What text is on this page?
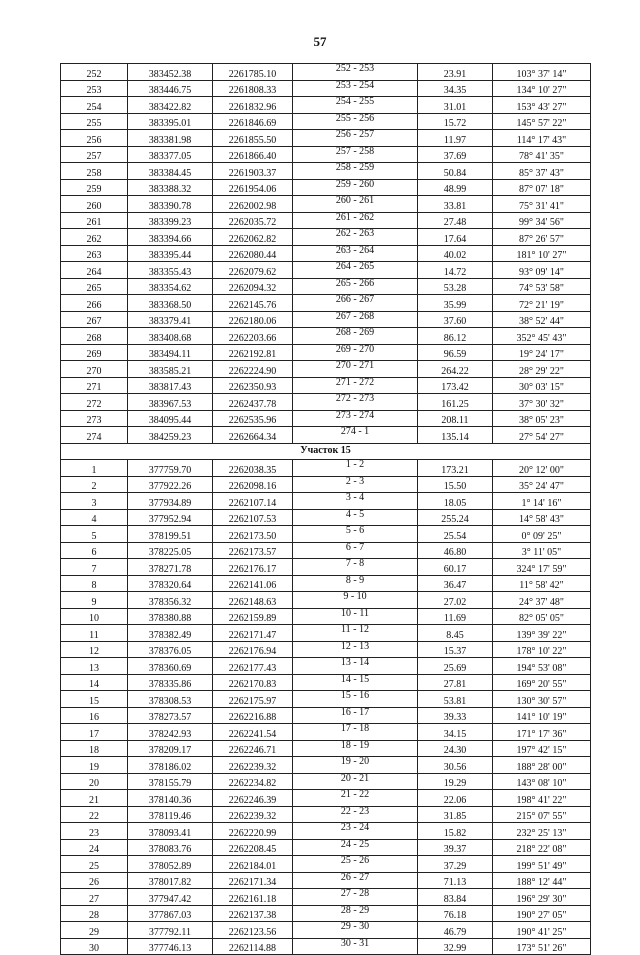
57
252	383452.38	2261785.10	252 - 253	23.91	103° 37' 14"
253	383446.75	2261808.33	253 - 254	34.35	134° 10' 27"
254	383422.82	2261832.96	254 - 255	31.01	153° 43' 27"
255	383395.01	2261846.69	255 - 256	15.72	145° 57' 22"
256	383381.98	2261855.50	256 - 257	11.97	114° 17' 43"
257	383377.05	2261866.40	257 - 258	37.69	78° 41' 35"
258	383384.45	2261903.37	258 - 259	50.84	85° 37' 43"
259	383388.32	2261954.06	259 - 260	48.99	87° 07' 18"
260	383390.78	2262002.98	260 - 261	33.81	75° 31' 41"
261	383399.23	2262035.72	261 - 262	27.48	99° 34' 56"
262	383394.66	2262062.82	262 - 263	17.64	87° 26' 57"
263	383395.44	2262080.44	263 - 264	40.02	181° 10' 27"
264	383355.43	2262079.62	264 - 265	14.72	93° 09' 14"
265	383354.62	2262094.32	265 - 266	53.28	74° 53' 58"
266	383368.50	2262145.76	266 - 267	35.99	72° 21' 19"
267	383379.41	2262180.06	267 - 268	37.60	38° 52' 44"
268	383408.68	2262203.66	268 - 269	86.12	352° 45' 43"
269	383494.11	2262192.81	269 - 270	96.59	19° 24' 17"
270	383585.21	2262224.90	270 - 271	264.22	28° 29' 22"
271	383817.43	2262350.93	271 - 272	173.42	30° 03' 15"
272	383967.53	2262437.78	272 - 273	161.25	37° 30' 32"
273	384095.44	2262535.96	273 - 274	208.11	38° 05' 23"
274	384259.23	2262664.34	274 - 1	135.14	27° 54' 27"
Участок 15					
1	377759.70	2262038.35	1 - 2	173.21	20° 12' 00"
2	377922.26	2262098.16	2 - 3	15.50	35° 24' 47"
3	377934.89	2262107.14	3 - 4	18.05	1° 14' 16"
4	377952.94	2262107.53	4 - 5	255.24	14° 58' 43"
5	378199.51	2262173.50	5 - 6	25.54	0° 09' 25"
6	378225.05	2262173.57	6 - 7	46.80	3° 11' 05"
7	378271.78	2262176.17	7 - 8	60.17	324° 17' 59"
8	378320.64	2262141.06	8 - 9	36.47	11° 58' 42"
9	378356.32	2262148.63	9 - 10	27.02	24° 37' 48"
10	378380.88	2262159.89	10 - 11	11.69	82° 05' 05"
11	378382.49	2262171.47	11 - 12	8.45	139° 39' 22"
12	378376.05	2262176.94	12 - 13	15.37	178° 10' 22"
13	378360.69	2262177.43	13 - 14	25.69	194° 53' 08"
14	378335.86	2262170.83	14 - 15	27.81	169° 20' 55"
15	378308.53	2262175.97	15 - 16	53.81	130° 30' 57"
16	378273.57	2262216.88	16 - 17	39.33	141° 10' 19"
17	378242.93	2262241.54	17 - 18	34.15	171° 17' 36"
18	378209.17	2262246.71	18 - 19	24.30	197° 42' 15"
19	378186.02	2262239.32	19 - 20	30.56	188° 28' 00"
20	378155.79	2262234.82	20 - 21	19.29	143° 08' 10"
21	378140.36	2262246.39	21 - 22	22.06	198° 41' 22"
22	378119.46	2262239.32	22 - 23	31.85	215° 07' 55"
23	378093.41	2262220.99	23 - 24	15.82	232° 25' 13"
24	378083.76	2262208.45	24 - 25	39.37	218° 22' 08"
25	378052.89	2262184.01	25 - 26	37.29	199° 51' 49"
26	378017.82	2262171.34	26 - 27	71.13	188° 12' 44"
27	377947.42	2262161.18	27 - 28	83.84	196° 29' 30"
28	377867.03	2262137.38	28 - 29	76.18	190° 27' 05"
29	377792.11	2262123.56	29 - 30	46.79	190° 41' 25"
30	377746.13	2262114.88	30 - 31	32.99	173° 51' 26"
